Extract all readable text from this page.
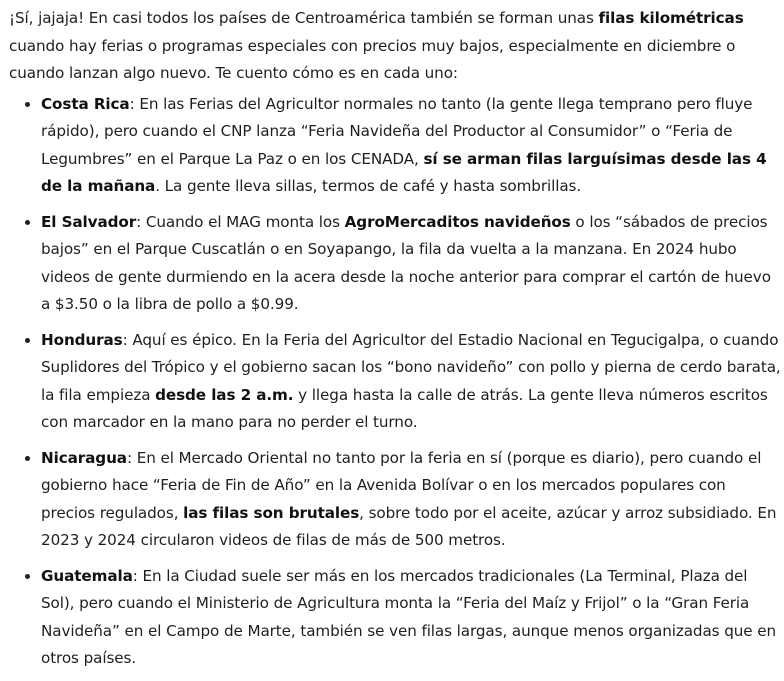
¡Sí, jajaja! En casi todos los países de Centroamérica también se forman unas filas kilométricas cuando hay ferias o programas especiales con precios muy bajos, especialmente en diciembre o cuando lanzan algo nuevo. Te cuento cómo es en cada uno:

Costa Rica: En las Ferias del Agricultor normales no tanto (la gente llega temprano pero fluye rápido), pero cuando el CNP lanza “Feria Navideña del Productor al Consumidor” o “Feria de Legumbres” en el Parque La Paz o en los CENADA, sí se arman filas larguísimas desde las 4 de la mañana. La gente lleva sillas, termos de café y hasta sombrillas.
El Salvador: Cuando el MAG monta los AgroMercaditos navideños o los “sábados de precios bajos” en el Parque Cuscatlán o en Soyapango, la fila da vuelta a la manzana. En 2024 hubo videos de gente durmiendo en la acera desde la noche anterior para comprar el cartón de huevo a $3.50 o la libra de pollo a $0.99.
Honduras: Aquí es épico. En la Feria del Agricultor del Estadio Nacional en Tegucigalpa, o cuando Suplidores del Trópico y el gobierno sacan los “bono navideño” con pollo y pierna de cerdo barata, la fila empieza desde las 2 a.m. y llega hasta la calle de atrás. La gente lleva números escritos con marcador en la mano para no perder el turno.
Nicaragua: En el Mercado Oriental no tanto por la feria en sí (porque es diario), pero cuando el gobierno hace “Feria de Fin de Año” en la Avenida Bolívar o en los mercados populares con precios regulados, las filas son brutales, sobre todo por el aceite, azúcar y arroz subsidiado. En 2023 y 2024 circularon videos de filas de más de 500 metros.
Guatemala: En la Ciudad suele ser más en los mercados tradicionales (La Terminal, Plaza del Sol), pero cuando el Ministerio de Agricultura monta la “Feria del Maíz y Frijol” o la “Gran Feria Navideña” en el Campo de Marte, también se ven filas largas, aunque menos organizadas que en otros países.
